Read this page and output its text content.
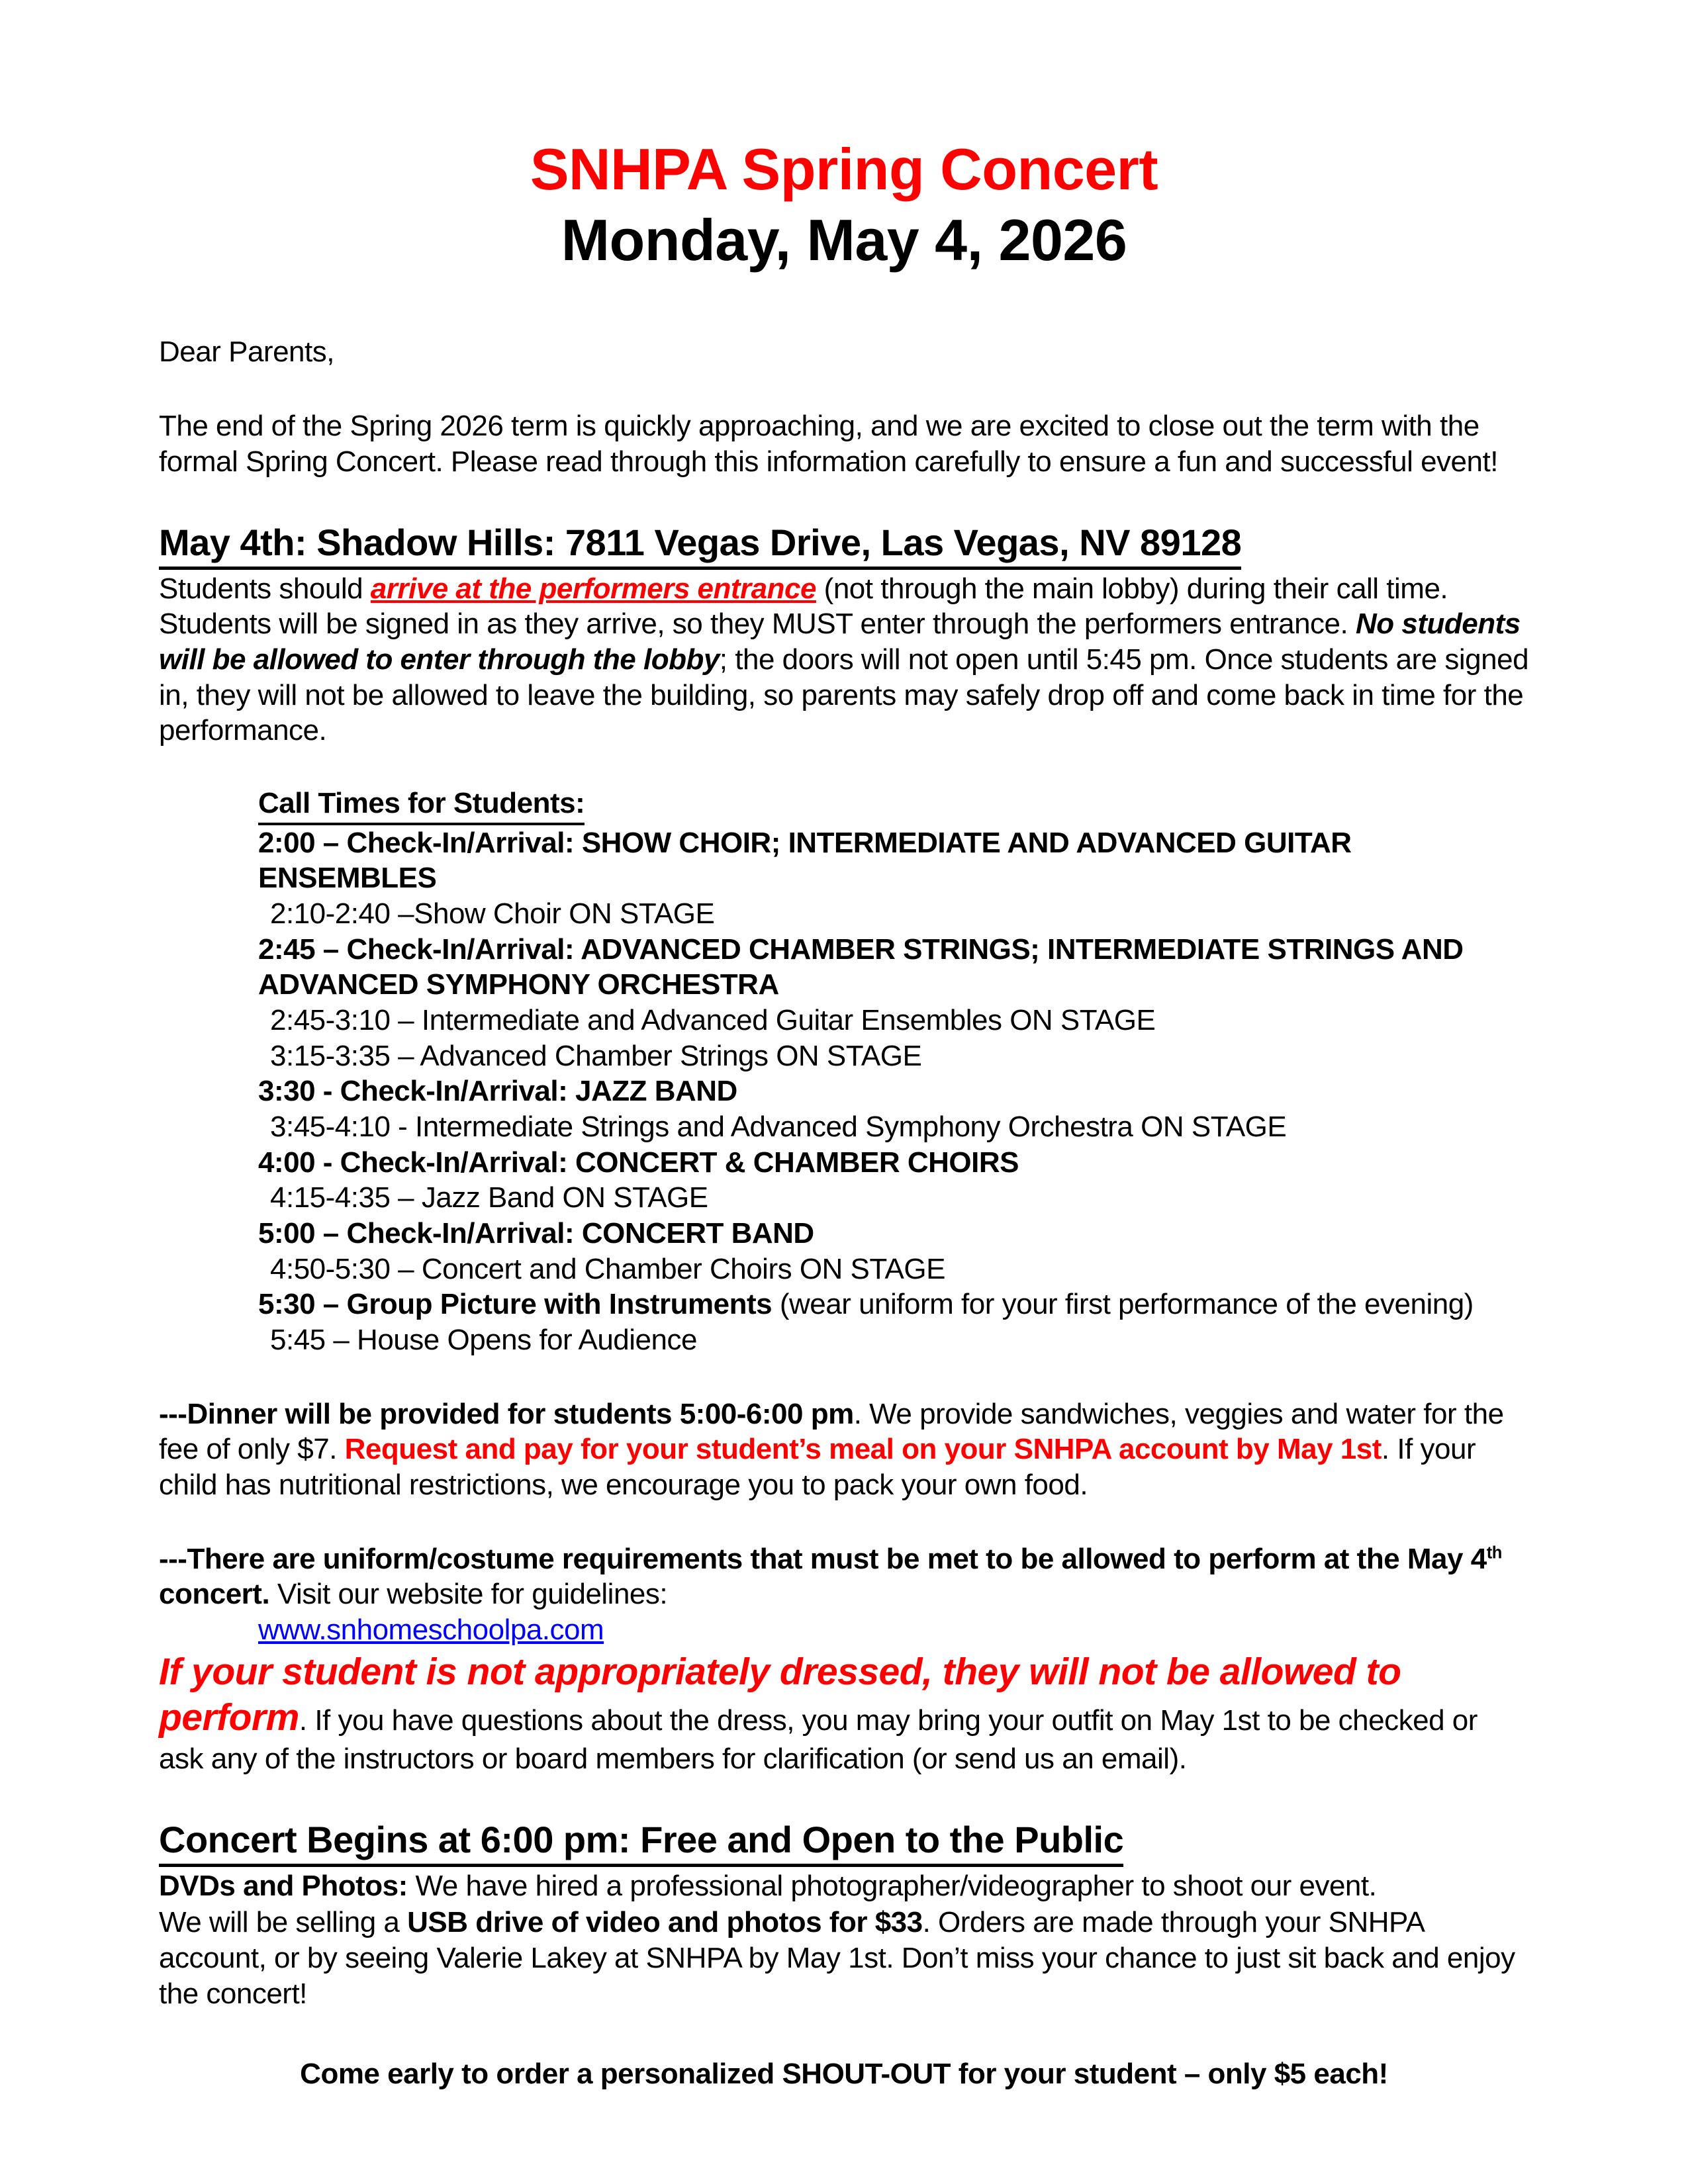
SNHPA Spring Concert
Monday, May 4, 2026

Dear Parents,

The end of the Spring 2026 term is quickly approaching, and we are excited to close out the term with the formal Spring Concert. Please read through this information carefully to ensure a fun and successful event!

May 4th: Shadow Hills: 7811 Vegas Drive, Las Vegas, NV 89128

Students should arrive at the performers entrance (not through the main lobby) during their call time. Students will be signed in as they arrive, so they MUST enter through the performers entrance. No students will be allowed to enter through the lobby; the doors will not open until 5:45 pm. Once students are signed in, they will not be allowed to leave the building, so parents may safely drop off and come back in time for the performance.

Call Times for Students:
2:00 – Check-In/Arrival: SHOW CHOIR; INTERMEDIATE AND ADVANCED GUITAR ENSEMBLES
2:10-2:40 –Show Choir ON STAGE
2:45 – Check-In/Arrival: ADVANCED CHAMBER STRINGS; INTERMEDIATE STRINGS AND ADVANCED SYMPHONY ORCHESTRA
2:45-3:10 – Intermediate and Advanced Guitar Ensembles ON STAGE
3:15-3:35 – Advanced Chamber Strings ON STAGE
3:30 - Check-In/Arrival: JAZZ BAND
3:45-4:10 - Intermediate Strings and Advanced Symphony Orchestra ON STAGE
4:00 - Check-In/Arrival: CONCERT & CHAMBER CHOIRS
4:15-4:35 – Jazz Band ON STAGE
5:00 – Check-In/Arrival: CONCERT BAND
4:50-5:30 – Concert and Chamber Choirs ON STAGE
5:30 – Group Picture with Instruments (wear uniform for your first performance of the evening)
5:45 – House Opens for Audience

---Dinner will be provided for students 5:00-6:00 pm. We provide sandwiches, veggies and water for the fee of only $7. Request and pay for your student’s meal on your SNHPA account by May 1st. If your child has nutritional restrictions, we encourage you to pack your own food.

---There are uniform/costume requirements that must be met to be allowed to perform at the May 4th concert. Visit our website for guidelines:

www.snhomeschoolpa.com

If your student is not appropriately dressed, they will not be allowed to perform. If you have questions about the dress, you may bring your outfit on May 1st to be checked or ask any of the instructors or board members for clarification (or send us an email).

Concert Begins at 6:00 pm: Free and Open to the Public

DVDs and Photos: We have hired a professional photographer/videographer to shoot our event.

We will be selling a USB drive of video and photos for $33. Orders are made through your SNHPA account, or by seeing Valerie Lakey at SNHPA by May 1st. Don’t miss your chance to just sit back and enjoy the concert!

Come early to order a personalized SHOUT-OUT for your student – only $5 each!
